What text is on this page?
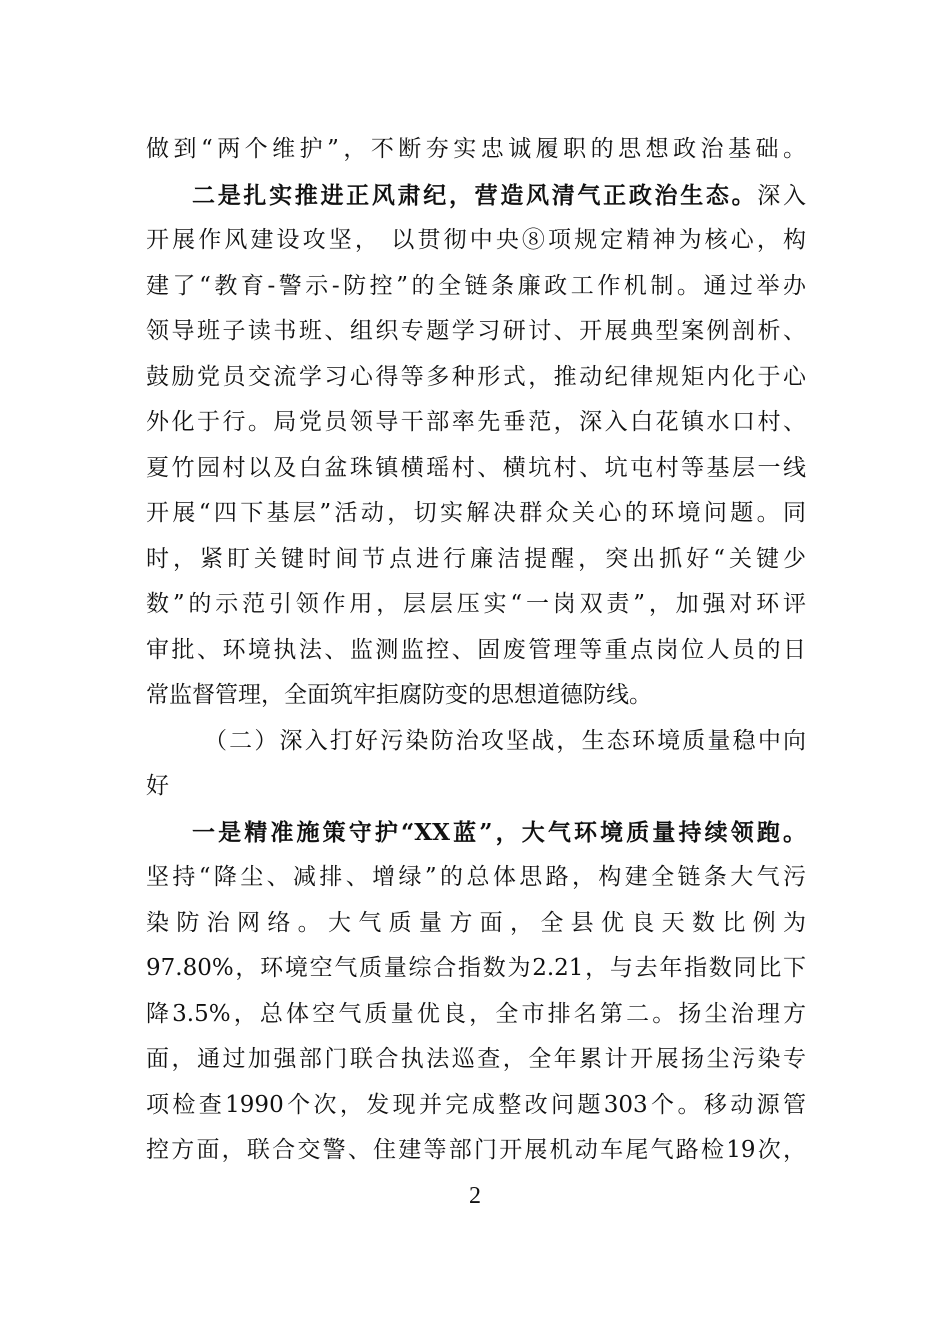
做到“两个维护”，不断夯实忠诚履职的思想政治基础。
二是扎实推进正风肃纪，营造风清气正政治生态。深入
开展作风建设攻坚， 以贯彻中央⑧项规定精神为核心，构
建了“教育-警示-防控”的全链条廉政工作机制。通过举办
领导班子读书班、组织专题学习研讨、开展典型案例剖析、
鼓励党员交流学习心得等多种形式，推动纪律规矩内化于心
外化于行。局党员领导干部率先垂范，深入白花镇水口村、
夏竹园村以及白盆珠镇横瑶村、横坑村、坑屯村等基层一线
开展“四下基层”活动，切实解决群众关心的环境问题。同
时，紧盯关键时间节点进行廉洁提醒，突出抓好“关键少
数”的示范引领作用，层层压实“一岗双责”，加强对环评
审批、环境执法、监测监控、固废管理等重点岗位人员的日
常监督管理，全面筑牢拒腐防变的思想道德防线。
（二）深入打好污染防治攻坚战，生态环境质量稳中向
好
一是精准施策守护“XX蓝”，大气环境质量持续领跑。
坚持“降尘、减排、增绿”的总体思路，构建全链条大气污
染防治网络。大气质量方面，全县优良天数比例为
97.80%，环境空气质量综合指数为2.21，与去年指数同比下
降3.5%，总体空气质量优良，全市排名第二。扬尘治理方
面，通过加强部门联合执法巡查，全年累计开展扬尘污染专
项检查1990个次，发现并完成整改问题303个。移动源管
控方面，联合交警、住建等部门开展机动车尾气路检19次，
2
